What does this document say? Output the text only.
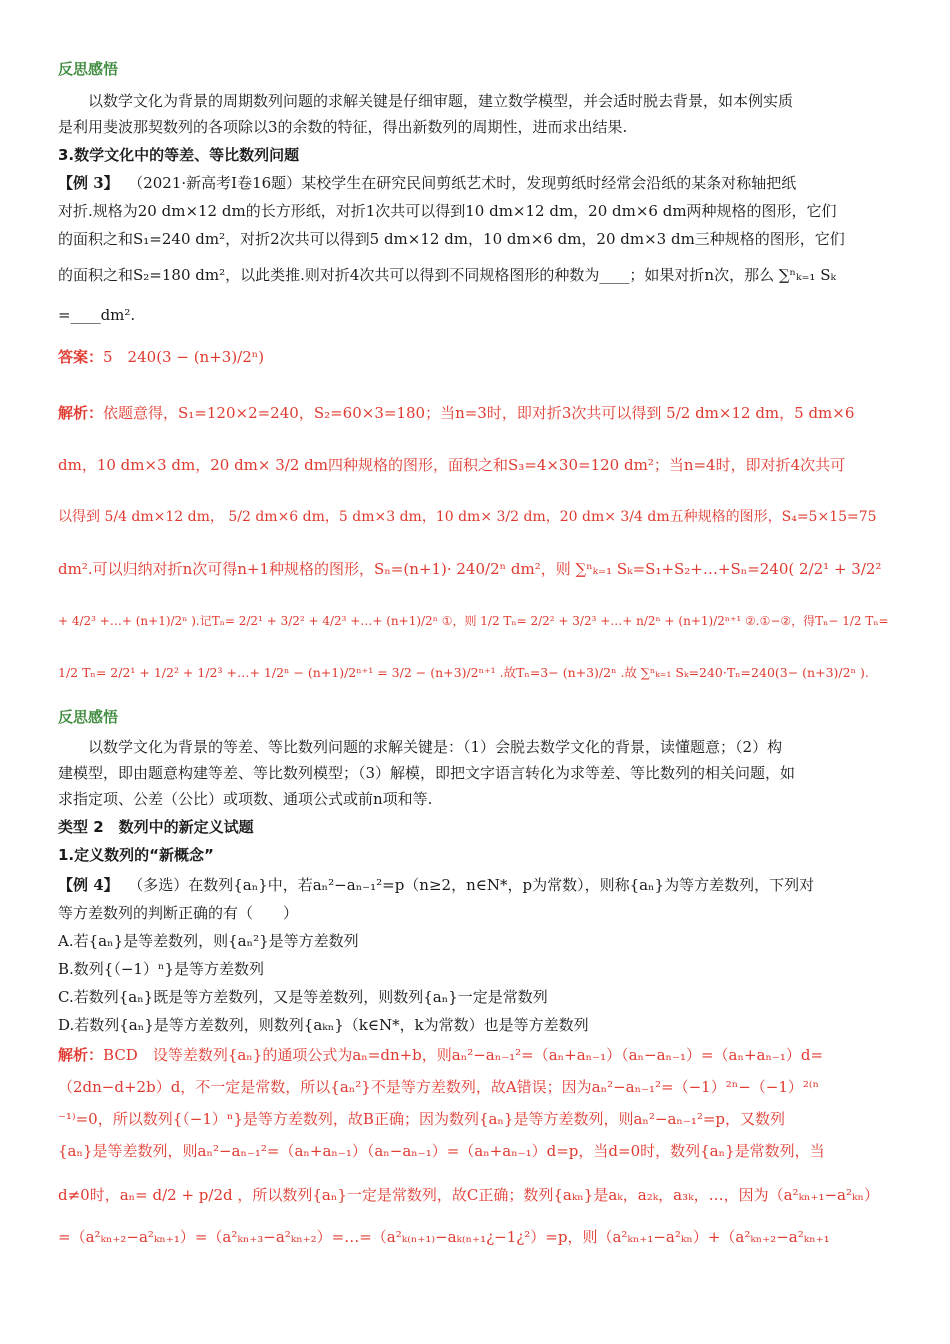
反思感悟
以数学文化为背景的周期数列问题的求解关键是仔细审题，建立数学模型，并会适时脱去背景，如本例实质
是利用斐波那契数列的各项除以3的余数的特征，得出新数列的周期性，进而求出结果.
3.数学文化中的等差、等比数列问题
【例 3】 （2021·新高考Ⅰ卷16题）某校学生在研究民间剪纸艺术时，发现剪纸时经常会沿纸的某条对称轴把纸
对折.规格为20 dm×12 dm的长方形纸，对折1次共可以得到10 dm×12 dm，20 dm×6 dm两种规格的图形，它们
的面积之和S₁=240 dm²，对折2次共可以得到5 dm×12 dm，10 dm×6 dm，20 dm×3 dm三种规格的图形，它们
的面积之和S₂=180 dm²，以此类推.则对折4次共可以得到不同规格图形的种数为____；如果对折n次，那么 ∑ⁿₖ₌₁ Sₖ
=____dm².
答案：5　240(3 − (n+3)/2ⁿ)
解析：依题意得，S₁=120×2=240，S₂=60×3=180；当n=3时，即对折3次共可以得到 5/2 dm×12 dm，5 dm×6
dm，10 dm×3 dm，20 dm× 3/2 dm四种规格的图形，面积之和S₃=4×30=120 dm²；当n=4时，即对折4次共可
以得到 5/4 dm×12 dm， 5/2 dm×6 dm，5 dm×3 dm，10 dm× 3/2 dm，20 dm× 3/4 dm五种规格的图形，S₄=5×15=75
dm².可以归纳对折n次可得n+1种规格的图形，Sₙ=(n+1)· 240/2ⁿ dm²，则 ∑ⁿₖ₌₁ Sₖ=S₁+S₂+…+Sₙ=240( 2/2¹ + 3/2²
+ 4/2³ +…+ (n+1)/2ⁿ ).记Tₙ= 2/2¹ + 3/2² + 4/2³ +…+ (n+1)/2ⁿ ①，则 1/2 Tₙ= 2/2² + 3/2³ +…+ n/2ⁿ + (n+1)/2ⁿ⁺¹ ②.①−②，得Tₙ− 1/2 Tₙ=
1/2 Tₙ= 2/2¹ + 1/2² + 1/2³ +…+ 1/2ⁿ − (n+1)/2ⁿ⁺¹ = 3/2 − (n+3)/2ⁿ⁺¹ .故Tₙ=3− (n+3)/2ⁿ .故 ∑ⁿₖ₌₁ Sₖ=240·Tₙ=240(3− (n+3)/2ⁿ ).
反思感悟
以数学文化为背景的等差、等比数列问题的求解关键是：（1）会脱去数学文化的背景，读懂题意；（2）构
建模型，即由题意构建等差、等比数列模型；（3）解模，即把文字语言转化为求等差、等比数列的相关问题，如
求指定项、公差（公比）或项数、通项公式或前n项和等.
类型 2　数列中的新定义试题
1.定义数列的“新概念”
【例 4】 （多选）在数列{aₙ}中，若aₙ²−aₙ₋₁²=p（n≥2，n∈N*，p为常数），则称{aₙ}为等方差数列，下列对
等方差数列的判断正确的有（　　）
A.若{aₙ}是等差数列，则{aₙ²}是等方差数列
B.数列{（−1）ⁿ}是等方差数列
C.若数列{aₙ}既是等方差数列，又是等差数列，则数列{aₙ}一定是常数列
D.若数列{aₙ}是等方差数列，则数列{aₖₙ}（k∈N*，k为常数）也是等方差数列
解析：BCD　设等差数列{aₙ}的通项公式为aₙ=dn+b，则aₙ²−aₙ₋₁²=（aₙ+aₙ₋₁）（aₙ−aₙ₋₁）=（aₙ+aₙ₋₁）d=
（2dn−d+2b）d，不一定是常数，所以{aₙ²}不是等方差数列，故A错误；因为aₙ²−aₙ₋₁²=（−1）²ⁿ−（−1）²⁽ⁿ
⁻¹⁾=0，所以数列{（−1）ⁿ}是等方差数列，故B正确；因为数列{aₙ}是等方差数列，则aₙ²−aₙ₋₁²=p，又数列
{aₙ}是等差数列，则aₙ²−aₙ₋₁²=（aₙ+aₙ₋₁）（aₙ−aₙ₋₁）=（aₙ+aₙ₋₁）d=p，当d=0时，数列{aₙ}是常数列，当
d≠0时，aₙ= d/2 + p/2d ，所以数列{aₙ}一定是常数列，故C正确；数列{aₖₙ}是aₖ，a₂ₖ，a₃ₖ，…，因为（a²ₖₙ₊₁−a²ₖₙ）
=（a²ₖₙ₊₂−a²ₖₙ₊₁）=（a²ₖₙ₊₃−a²ₖₙ₊₂）=…=（a²ₖ₍ₙ₊₁₎−aₖ₍ₙ₊₁¿−1¿²）=p，则（a²ₖₙ₊₁−a²ₖₙ）+（a²ₖₙ₊₂−a²ₖₙ₊₁
